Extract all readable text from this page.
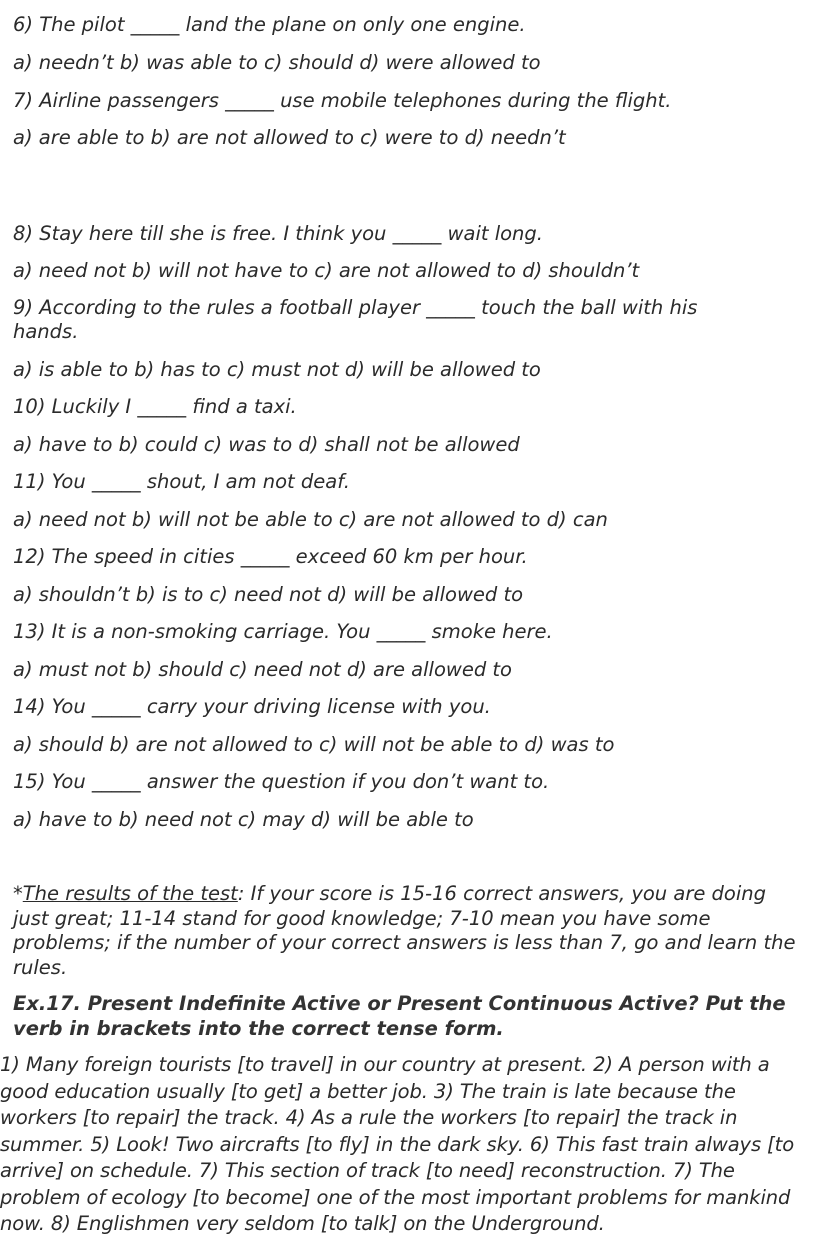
6) The pilot _____ land the plane on only one engine.
a) needn’t b) was able to c) should d) were allowed to
7) Airline passengers _____ use mobile telephones during the flight.
a) are able to b) are not allowed to c) were to d) needn’t
8) Stay here till she is free. I think you _____ wait long.
a) need not b) will not have to c) are not allowed to d) shouldn’t
9) According to the rules a football player _____ touch the ball with his
hands.
a) is able to b) has to c) must not d) will be allowed to
10) Luckily I _____ find a taxi.
a) have to b) could c) was to d) shall not be allowed
11) You _____ shout, I am not deaf.
a) need not b) will not be able to c) are not allowed to d) can
12) The speed in cities _____ exceed 60 km per hour.
a) shouldn’t b) is to c) need not d) will be allowed to
13) It is a non-smoking carriage. You _____ smoke here.
a) must not b) should c) need not d) are allowed to
14) You _____ carry your driving license with you.
a) should b) are not allowed to c) will not be able to d) was to
15) You _____ answer the question if you don’t want to.
a) have to b) need not c) may d) will be able to
*The results of the test: If your score is 15-16 correct answers, you are doing just great; 11-14 stand for good knowledge; 7-10 mean you have some problems; if the number of your correct answers is less than 7, go and learn the rules.
Ex.17. Present Indefinite Active or Present Continuous Active? Put the verb in brackets into the correct tense form.
1) Many foreign tourists [to travel] in our country at present. 2) A person with a good education usually [to get] a better job. 3) The train is late because the workers [to repair] the track. 4) As a rule the workers [to repair] the track in summer. 5) Look! Two aircrafts [to fly] in the dark sky. 6) This fast train always [to arrive] on schedule. 7) This section of track [to need] reconstruction. 7) The problem of ecology [to become] one of the most important problems for mankind now. 8) Englishmen very seldom [to talk] on the Underground.
